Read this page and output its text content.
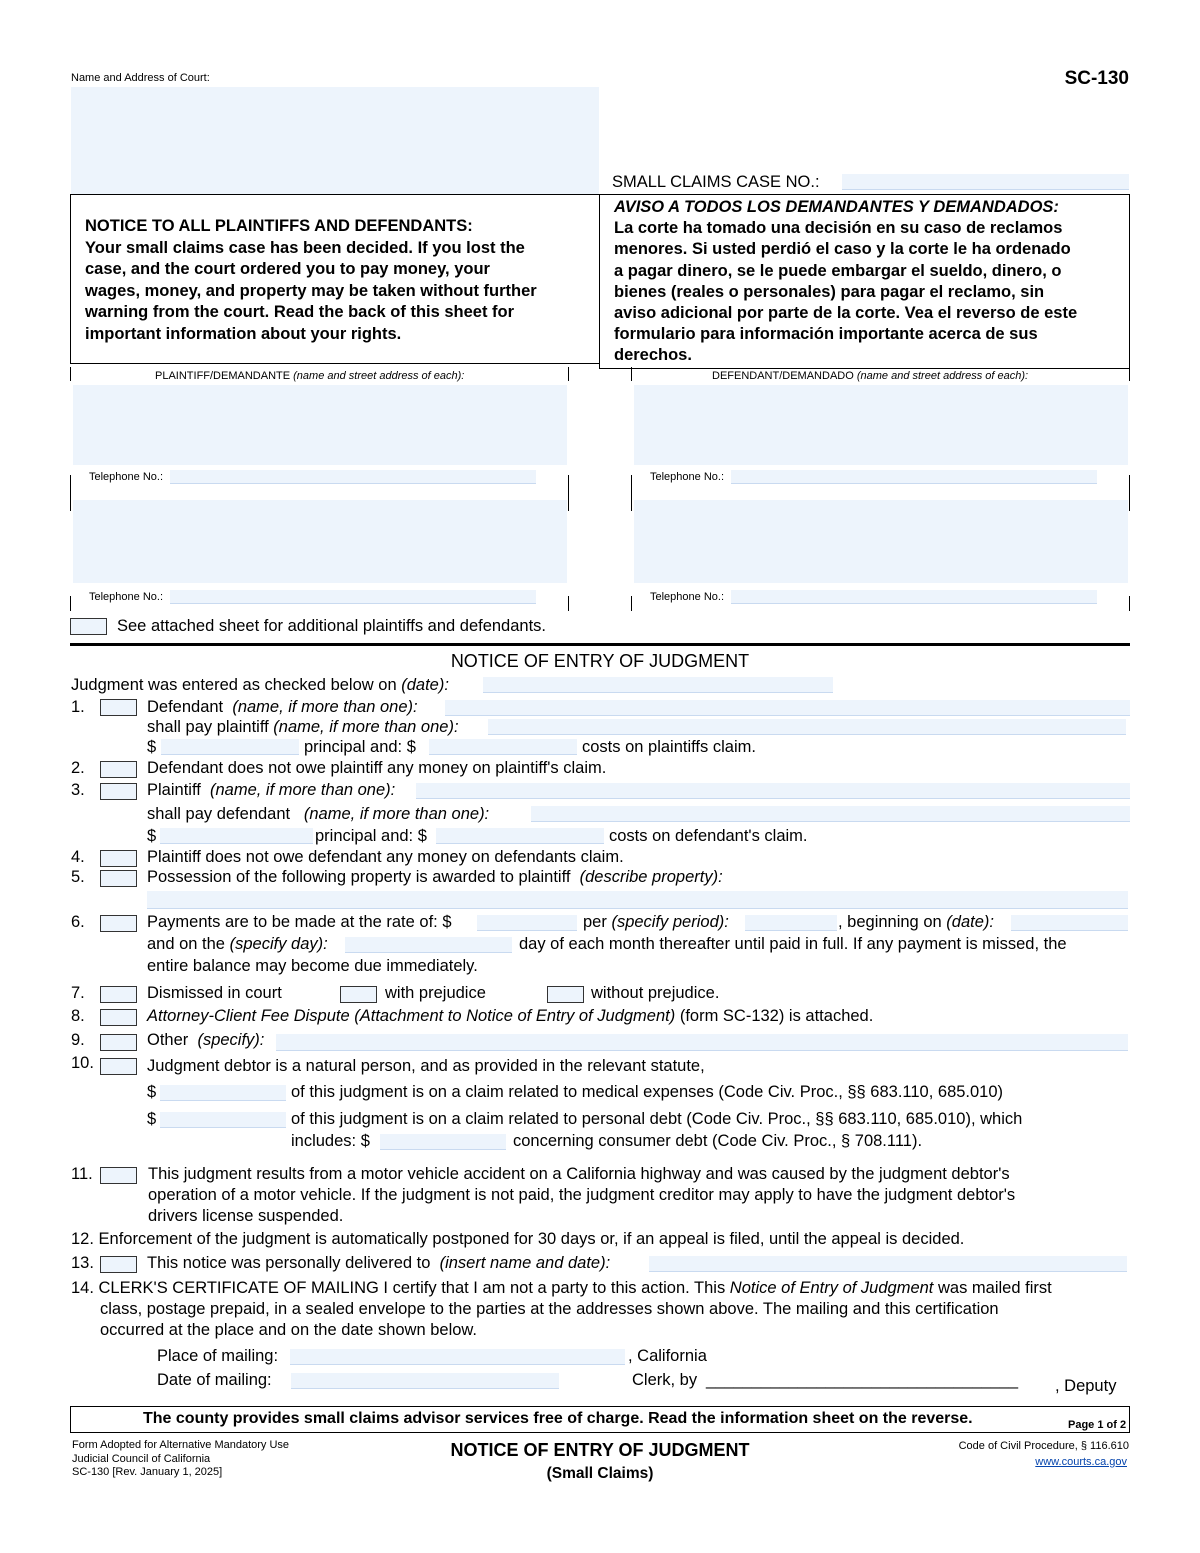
Name and Address of Court:	SC-130
SMALL CLAIMS CASE NO.:
NOTICE TO ALL PLAINTIFFS AND DEFENDANTS:
Your small claims case has been decided. If you lost the
case, and the court ordered you to pay money, your
wages, money, and property may be taken without further
warning from the court. Read the back of this sheet for
important information about your rights.
AVISO A TODOS LOS DEMANDANTES Y DEMANDADOS:
La corte ha tomado una decisión en su caso de reclamos
menores. Si usted perdió el caso y la corte le ha ordenado
a pagar dinero, se le puede embargar el sueldo, dinero, o
bienes (reales o personales) para pagar el reclamo, sin
aviso adicional por parte de la corte. Vea el reverso de este
formulario para información importante acerca de sus
derechos.
PLAINTIFF/DEMANDANTE (name and street address of each):	DEFENDANT/DEMANDADO (name and street address of each):
Telephone No.:	Telephone No.:
Telephone No.:	Telephone No.:
See attached sheet for additional plaintiffs and defendants.
NOTICE OF ENTRY OF JUDGMENT
Judgment was entered as checked below on (date):
1.	Defendant (name, if more than one):
shall pay plaintiff (name, if more than one):
$	principal and: $	costs on plaintiffs claim.
2.	Defendant does not owe plaintiff any money on plaintiff's claim.
3.	Plaintiff (name, if more than one):
shall pay defendant (name, if more than one):
$	principal and: $	costs on defendant's claim.
4.	Plaintiff does not owe defendant any money on defendants claim.
5.	Possession of the following property is awarded to plaintiff (describe property):
6.	Payments are to be made at the rate of: $	per (specify period):	, beginning on (date):
and on the (specify day):	day of each month thereafter until paid in full. If any payment is missed, the
entire balance may become due immediately.
7.	Dismissed in court	with prejudice	without prejudice.
8.	Attorney-Client Fee Dispute (Attachment to Notice of Entry of Judgment) (form SC-132) is attached.
9.	Other (specify):
10.	Judgment debtor is a natural person, and as provided in the relevant statute,
$	of this judgment is on a claim related to medical expenses (Code Civ. Proc., §§ 683.110, 685.010)
$	of this judgment is on a claim related to personal debt (Code Civ. Proc., §§ 683.110, 685.010), which
includes: $	concerning consumer debt (Code Civ. Proc., § 708.111).
11.	This judgment results from a motor vehicle accident on a California highway and was caused by the judgment debtor's
operation of a motor vehicle. If the judgment is not paid, the judgment creditor may apply to have the judgment debtor's
drivers license suspended.
12. Enforcement of the judgment is automatically postponed for 30 days or, if an appeal is filed, until the appeal is decided.
13.	This notice was personally delivered to (insert name and date):
14. CLERK'S CERTIFICATE OF MAILING I certify that I am not a party to this action. This Notice of Entry of Judgment was mailed first
class, postage prepaid, in a sealed envelope to the parties at the addresses shown above. The mailing and this certification
occurred at the place and on the date shown below.
Place of mailing:	, California
Date of mailing:	Clerk, by __________________________________ , Deputy
The county provides small claims advisor services free of charge. Read the information sheet on the reverse.	Page 1 of 2
Form Adopted for Alternative Mandatory Use
Judicial Council of California
SC-130 [Rev. January 1, 2025]
NOTICE OF ENTRY OF JUDGMENT
(Small Claims)
Code of Civil Procedure, § 116.610
www.courts.ca.gov
